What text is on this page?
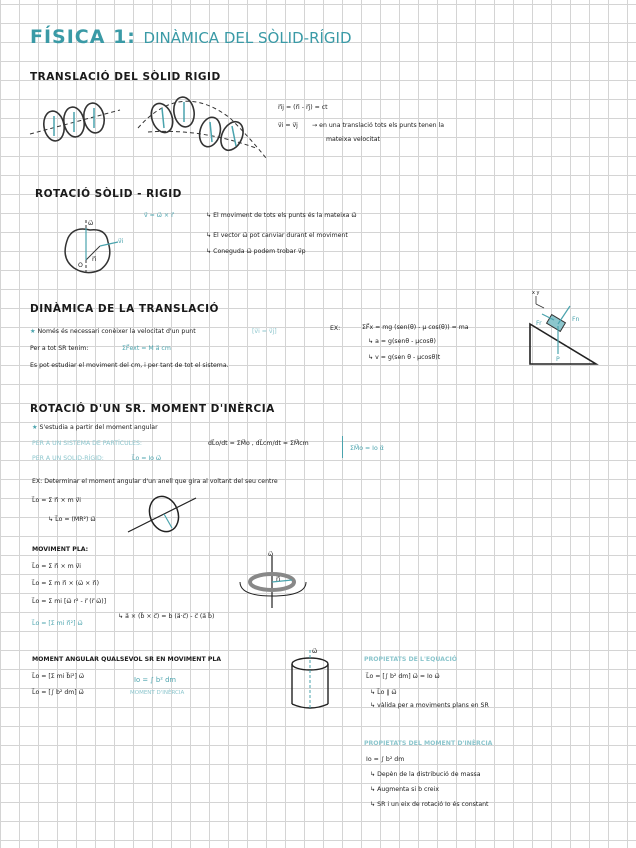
FÍSICA 1: DINÀMICA DEL SÒLID-RÍGID
TRANSLACIÓ DEL SÒLID RIGID
r⃗ij = (r⃗i - r⃗j) = ct
v⃗i = v⃗j → en una translació tots els punts tenen la
mateixa velocitat
ROTACIÓ SÒLID - RIGID
ω⃗
v⃗i
r⃗i
O
v⃗ = ω⃗ × r⃗	↳ El moviment de tots els punts és la mateixa ω⃗
↳ El vector ω⃗ pot canviar durant el moviment
↳ Coneguda ω⃗ podem trobar v⃗p
DINÀMICA DE LA TRANSLACIÓ
★ Només és necessari conèixer la velocitat d'un punt	[v⃗i = v⃗j]
Per a tot SR tenim:	ΣF⃗ext = M a⃗ cm
Es pot estudiar el moviment del cm, i per tant de tot el sistema.
EX:	ΣF⃗x = mg (sen(θ) - μ cos(θ)) = ma
↳ a = g(senθ - μcosθ)
↳ v = g(sen θ - μcosθ)t
Fn
Fr
P
x y
ROTACIÓ D'UN SR. MOMENT D'INÈRCIA
★ S'estudia a partir del moment angular
PER A UN SISTEMA DE PARTÍCULES:	dL⃗o/dt = ΣM⃗o , dL⃗cm/dt = ΣM⃗cm
ΣM⃗o = Io α⃗
PER A UN SOLID-RÍGID:	L⃗o = Io ω⃗
EX: Determinar el moment angular d'un anell que gira al voltant del seu centre
L⃗o = Σ r⃗i × m v⃗i
↳ L⃗o = (MR²) ω⃗
MOVIMENT PLA:
L⃗o = Σ r⃗i × m v⃗i
L⃗o = Σ m r⃗i × (ω⃗ × r⃗i)
L⃗o = Σ mi [ω⃗ r² - r⃗ (r⃗ ω⃗)]
↳ a⃗ × (b⃗ × c⃗) = b (a⃗·c⃗) - c⃗ (a⃗ b⃗)
L⃗o = [Σ mi r⃗i²] ω⃗
ω⃗
r⃗i
MOMENT ANGULAR QUALSEVOL SR EN MOVIMENT PLA
L⃗o = [Σ mi b⃗i²] ω⃗
L⃗o = [∫ b² dm] ω⃗
Io = ∫ b² dm
MOMENT D'INÈRCIA
ω⃗
PROPIETATS DE L'EQUACIÓ
L⃗o = [∫ b² dm] ω⃗ = Io ω⃗
↳ L⃗o ∥ ω⃗
↳ vàlida per a moviments plans en SR
PROPIETATS DEL MOMENT D'INÈRCIA
Io = ∫ b² dm
↳ Depèn de la distribució de massa
↳ Augmenta si b creix
↳ SR i un eix de rotació Io és constant
